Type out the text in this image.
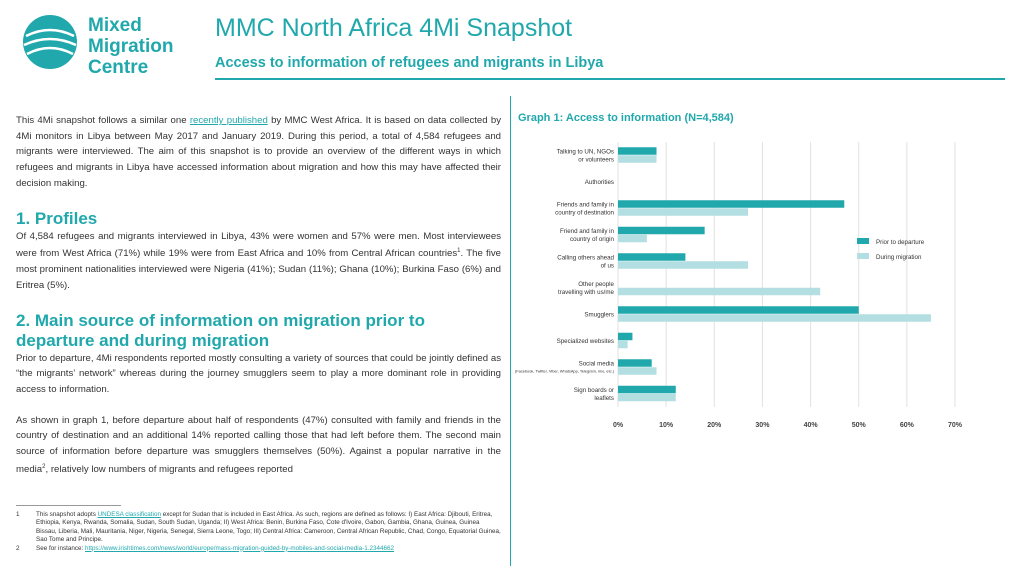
Mixed
Migration
Centre
MMC North Africa 4Mi Snapshot
Access to information of refugees and migrants in Libya

This 4Mi snapshot follows a similar one recently published by MMC West Africa. It is based on data collected by 4Mi monitors in Libya between May 2017 and January 2019. During this period, a total of 4,584 refugees and migrants were interviewed. The aim of this snapshot is to provide an overview of the different ways in which refugees and migrants in Libya have accessed information about migration and how this may have affected their decision making.

1. Profiles

Of 4,584 refugees and migrants interviewed in Libya, 43% were women and 57% were men. Most interviewees were from West Africa (71%) while 19% were from East Africa and 10% from Central African countries$^1$. The five most prominent nationalities interviewed were Nigeria (41%); Sudan (11%); Ghana (10%); Burkina Faso (6%) and Eritrea (5%).

2. Main source of information on migration prior to departure and during migration

Prior to departure, 4Mi respondents reported mostly consulting a variety of sources that could be jointly defined as “the migrants’ network” whereas during the journey smugglers seem to play a more dominant role in providing access to information.

As shown in graph 1, before departure about half of respondents (47%) consulted with family and friends in the country of destination and an additional 14% reported calling those that had left before them. The second main source of information before departure was smugglers themselves (50%). Against a popular narrative in the media$^2$, relatively low numbers of migrants and refugees reported

1	This snapshot adopts UNDESA classification except for Sudan that is included in East Africa. As such, regions are defined as follows: I) East Africa: Djibouti, Eritrea, Ethiopia, Kenya, Rwanda, Somalia, Sudan, South Sudan, Uganda; II) West Africa: Benin, Burkina Faso, Cote d'Ivoire, Gabon, Gambia, Ghana, Guinea, Guinea Bissau, Liberia, Mali, Mauritania, Niger, Nigeria, Senegal, Sierra Leone, Togo; III) Central Africa: Cameroon, Central African Republic, Chad, Congo, Equatorial Guinea, Sao Tome and Principe.
2	See for instance: https://www.irishtimes.com/news/world/europe/mass-migration-guided-by-mobiles-and-social-media-1.2344662
Graph 1: Access to information (N=4,584)
0%	10%	20%	30%	40%	50%	60%	70%
Talking to UN, NGOs
or volunteers
Authorities
Friends and family in
country of destination
Friend and family in
country of origin
Calling others ahead
of us
Other people
travelling with us/me
Smugglers
Specialized websites
Social media
(Facebook, Twitter, Viber, WhatsApp, Telegram, imo, etc.)
Sign boards or
leaflets
Prior to departure
During migration
